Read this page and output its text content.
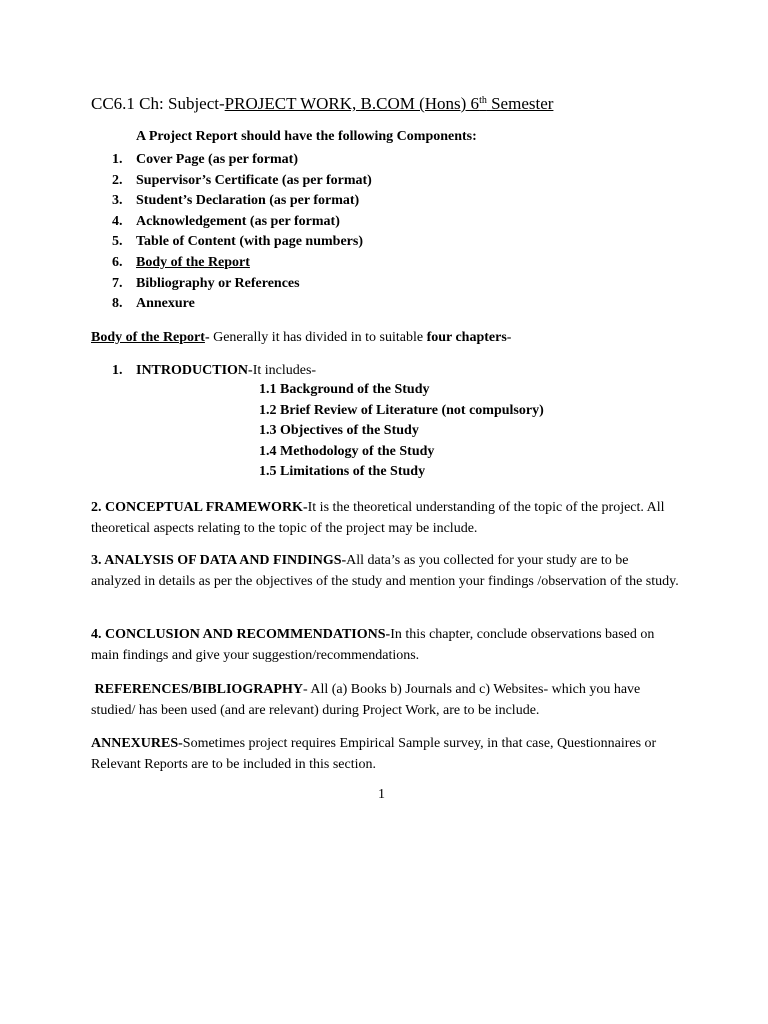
CC6.1 Ch: Subject-PROJECT WORK, B.COM (Hons) 6th Semester
A Project Report should have the following Components:
1. Cover Page (as per format)
2. Supervisor’s Certificate (as per format)
3. Student’s Declaration (as per format)
4. Acknowledgement (as per format)
5. Table of Content (with page numbers)
6. Body of the Report
7. Bibliography or References
8. Annexure
Body of the Report- Generally it has divided in to suitable four chapters-
1. INTRODUCTION-It includes-
1.1 Background of the Study
1.2 Brief Review of Literature (not compulsory)
1.3 Objectives of the Study
1.4 Methodology of the Study
1.5 Limitations of the Study
2. CONCEPTUAL FRAMEWORK-It is the theoretical understanding of the topic of the project. All theoretical aspects relating to the topic of the project may be include.
3. ANALYSIS OF DATA AND FINDINGS-All data’s as you collected for your study are to be analyzed in details as per the objectives of the study and mention your findings /observation of the study.
4. CONCLUSION AND RECOMMENDATIONS-In this chapter, conclude observations based on main findings and give your suggestion/recommendations.
REFERENCES/BIBLIOGRAPHY- All (a) Books b) Journals and c) Websites- which you have studied/ has been used (and are relevant) during Project Work, are to be include.
ANNEXURES-Sometimes project requires Empirical Sample survey, in that case, Questionnaires or Relevant Reports are to be included in this section.
1
